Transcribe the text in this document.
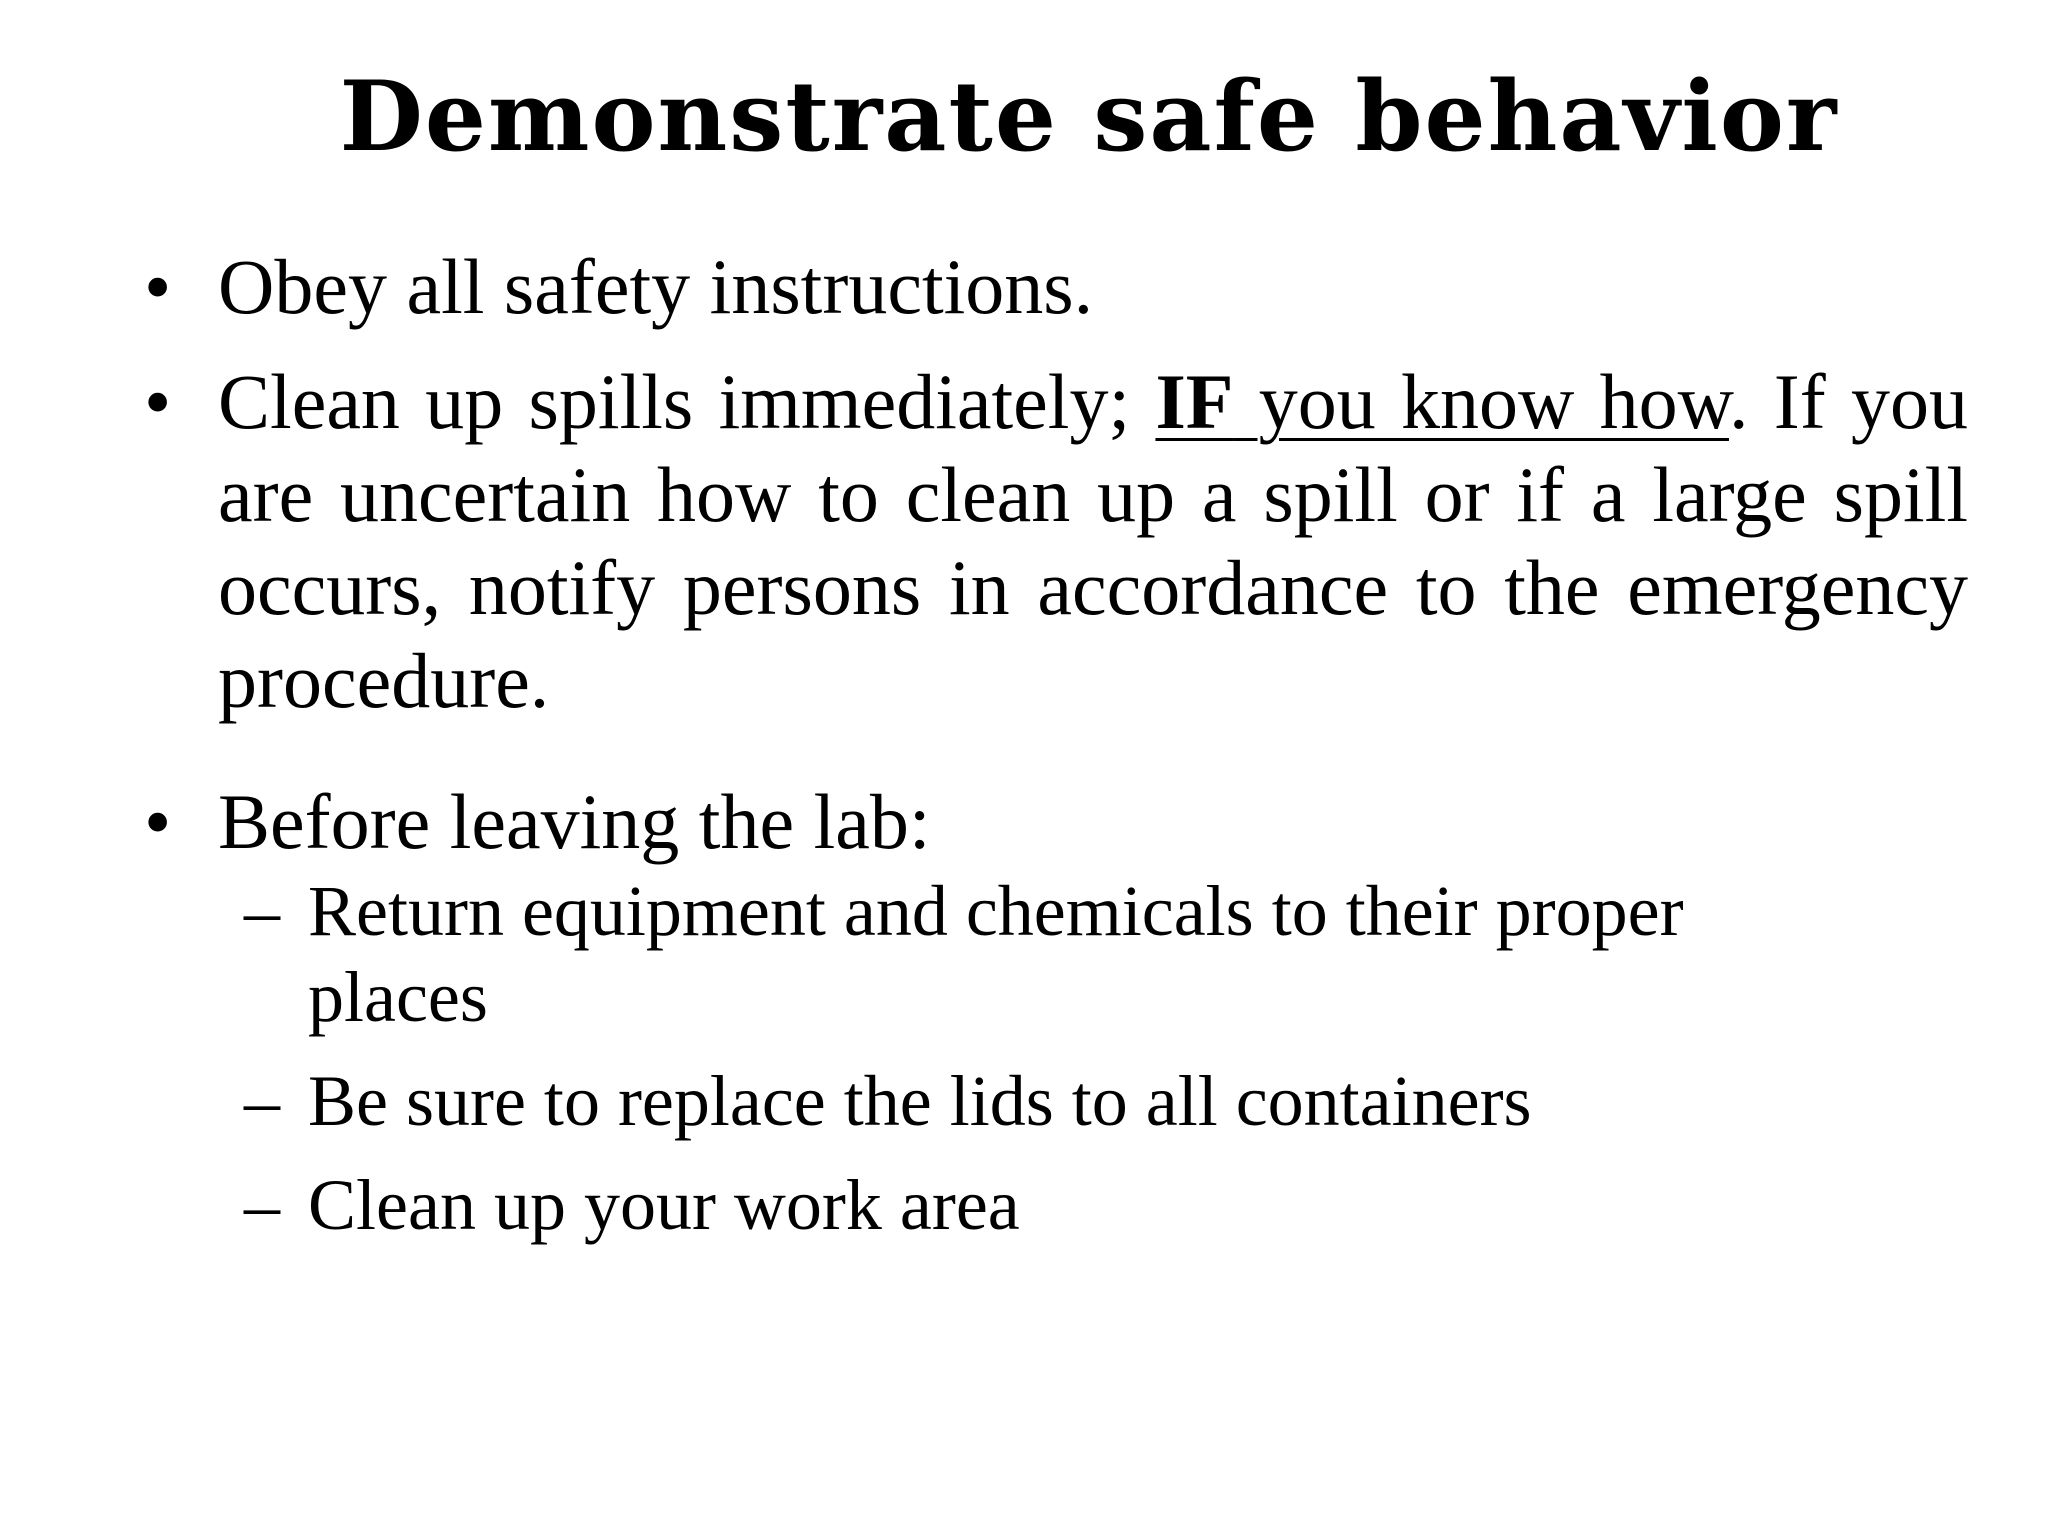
Demonstrate safe behavior
• Obey all safety instructions.
• Clean up spills immediately; IF you know how. If you are uncertain how to clean up a spill or if a large spill occurs, notify persons in accordance to the emergency procedure.
• Before leaving the lab:
– Return equipment and chemicals to their proper places
– Be sure to replace the lids to all containers
– Clean up your work area
